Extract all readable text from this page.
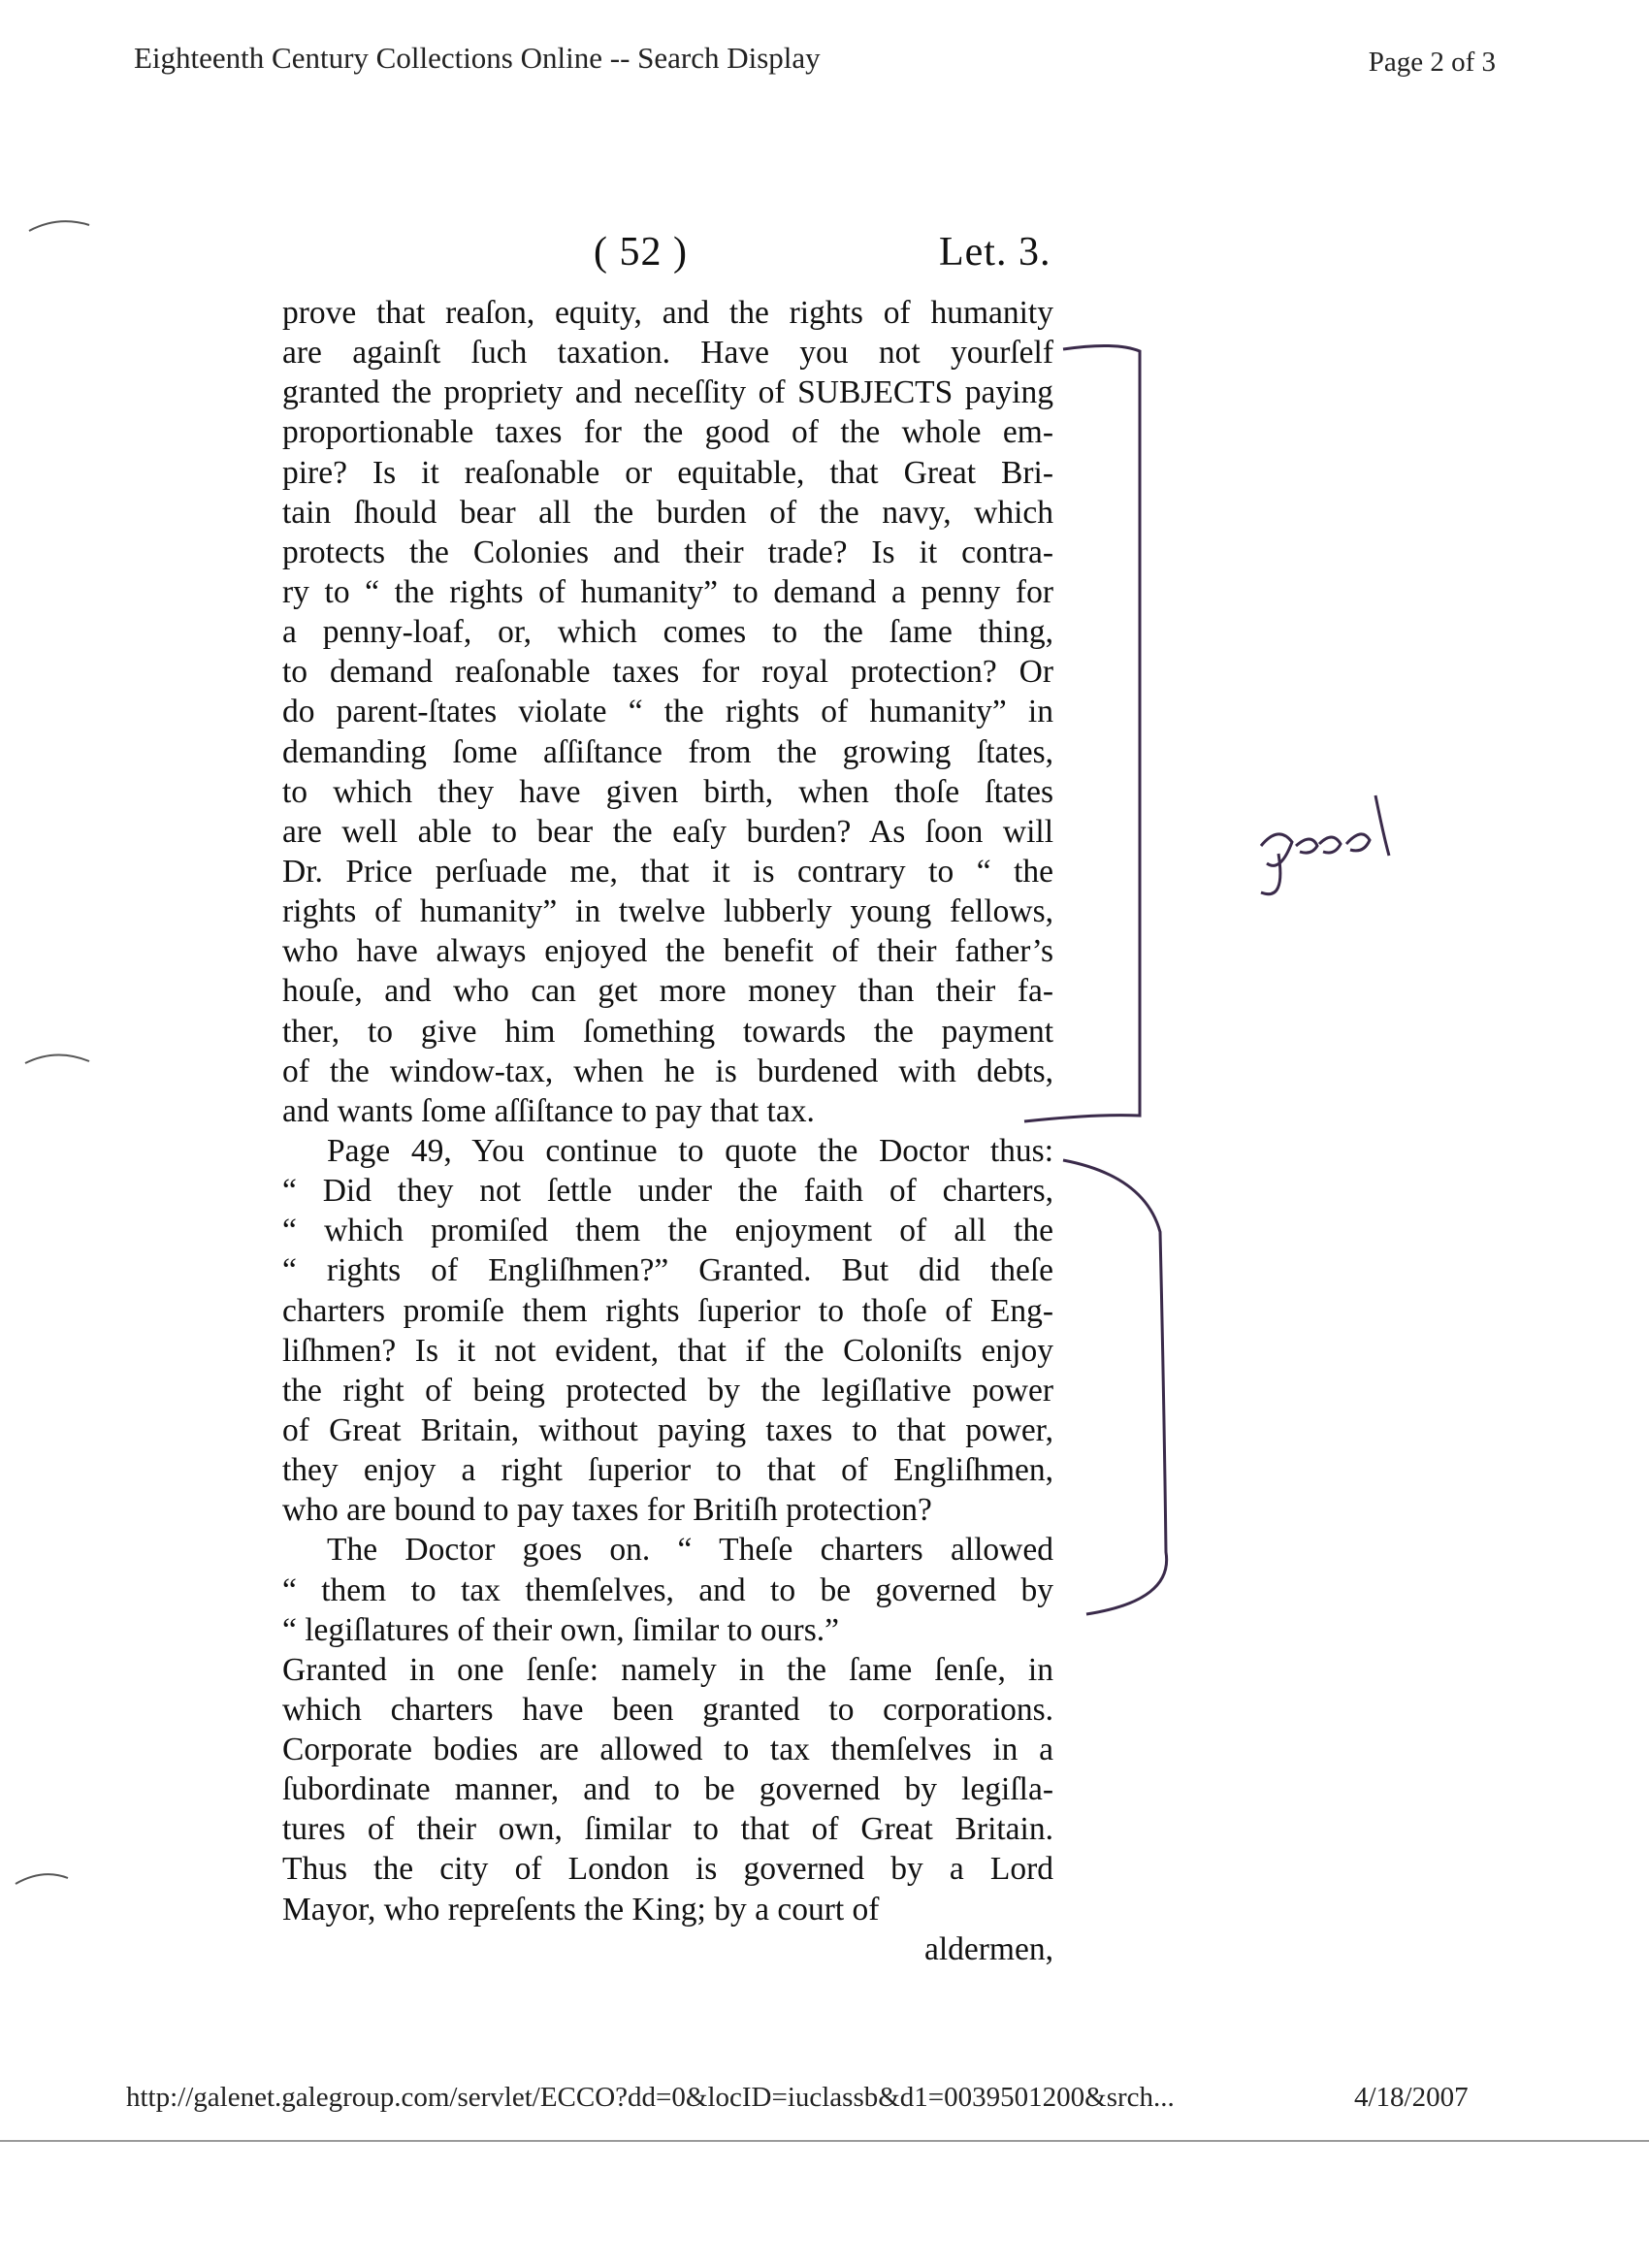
Eighteenth Century Collections Online -- Search Display	Page 2 of 3
( 52 )	Let. 3.
prove that reaſon, equity, and the rights of humanity
are againſt ſuch taxation. Have you not yourſelf
granted the propriety and neceſſity of SUBJECTS paying
proportionable taxes for the good of the whole em-
pire? Is it reaſonable or equitable, that Great Bri-
tain ſhould bear all the burden of the navy, which
protects the Colonies and their trade? Is it contra-
ry to “ the rights of humanity” to demand a penny for
a penny-loaf, or, which comes to the ſame thing,
to demand reaſonable taxes for royal protection? Or
do parent-ſtates violate “ the rights of humanity” in
demanding ſome aſſiſtance from the growing ſtates,
to which they have given birth, when thoſe ſtates
are well able to bear the eaſy burden? As ſoon will
Dr. Price perſuade me, that it is contrary to “ the
rights of humanity” in twelve lubberly young fellows,
who have always enjoyed the benefit of their father’s
houſe, and who can get more money than their fa-
ther, to give him ſomething towards the payment
of the window-tax, when he is burdened with debts,
and wants ſome aſſiſtance to pay that tax.
Page 49, You continue to quote the Doctor thus:
“ Did they not ſettle under the faith of charters,
“ which promiſed them the enjoyment of all the
“ rights of Engliſhmen?” Granted. But did theſe
charters promiſe them rights ſuperior to thoſe of Eng-
liſhmen? Is it not evident, that if the Coloniſts enjoy
the right of being protected by the legiſlative power
of Great Britain, without paying taxes to that power,
they enjoy a right ſuperior to that of Engliſhmen,
who are bound to pay taxes for Britiſh protection?
The Doctor goes on. “ Theſe charters allowed
“ them to tax themſelves, and to be governed by
“ legiſlatures of their own, ſimilar to ours.”
Granted in one ſenſe: namely in the ſame ſenſe, in
which charters have been granted to corporations.
Corporate bodies are allowed to tax themſelves in a
ſubordinate manner, and to be governed by legiſla-
tures of their own, ſimilar to that of Great Britain.
Thus the city of London is governed by a Lord
Mayor, who repreſents the King; by a court of
aldermen,
http://galenet.galegroup.com/servlet/ECCO?dd=0&locID=iuclassb&d1=0039501200&srch...	4/18/2007
